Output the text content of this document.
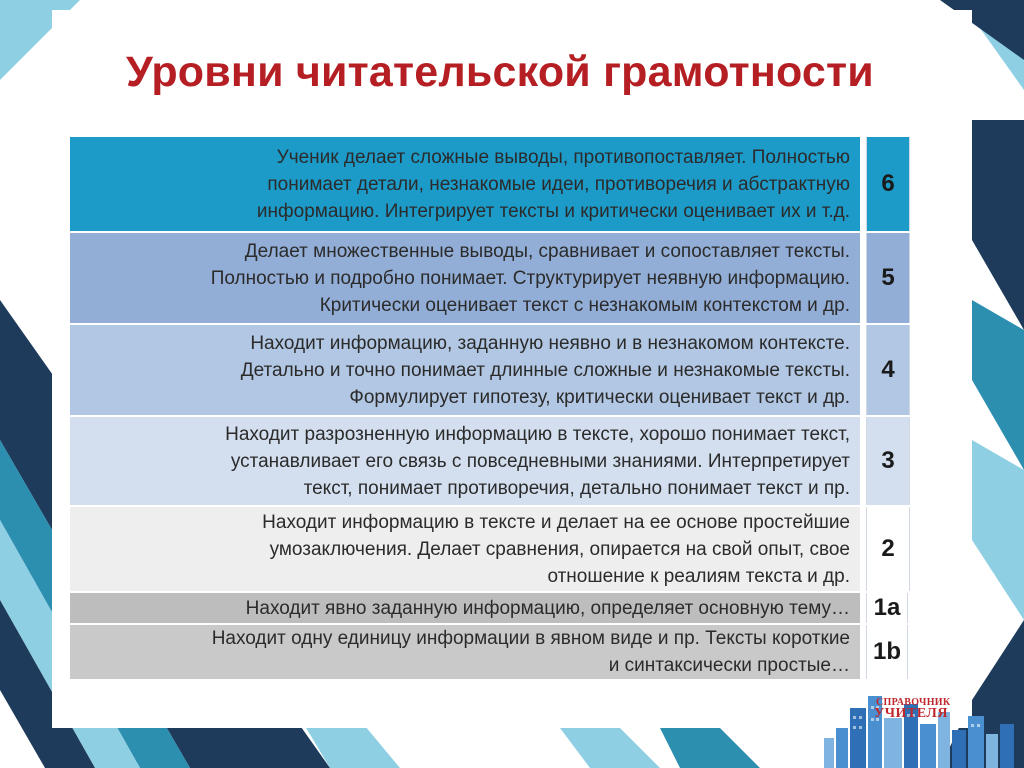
Уровни читательской грамотности
Ученик делает сложные выводы, противопоставляет. Полностью
понимает детали, незнакомые идеи, противоречия и абстрактную
информацию. Интегрирует тексты и критически оценивает их и т.д.
6
Делает множественные выводы, сравнивает и сопоставляет тексты.
Полностью и подробно понимает. Структурирует неявную информацию.
Критически оценивает текст с незнакомым контекстом и др.
5
Находит информацию, заданную неявно и в незнакомом контексте.
Детально и точно понимает длинные сложные и незнакомые тексты.
Формулирует гипотезу, критически оценивает текст и др.
4
Находит разрозненную информацию в тексте, хорошо понимает текст,
устанавливает его связь с повседневными знаниями. Интерпретирует
текст, понимает противоречия, детально понимает текст и пр.
3
Находит информацию в тексте и делает на ее основе простейшие
умозаключения. Делает сравнения, опирается на свой опыт, свое
отношение к реалиям текста и др.
2
Находит явно заданную информацию, определяет основную тему… 1a
Находит одну единицу информации в явном виде и пр. Тексты короткие
и синтаксически простые…
1b
СПРАВОЧНИК
УЧИТЕЛЯ
